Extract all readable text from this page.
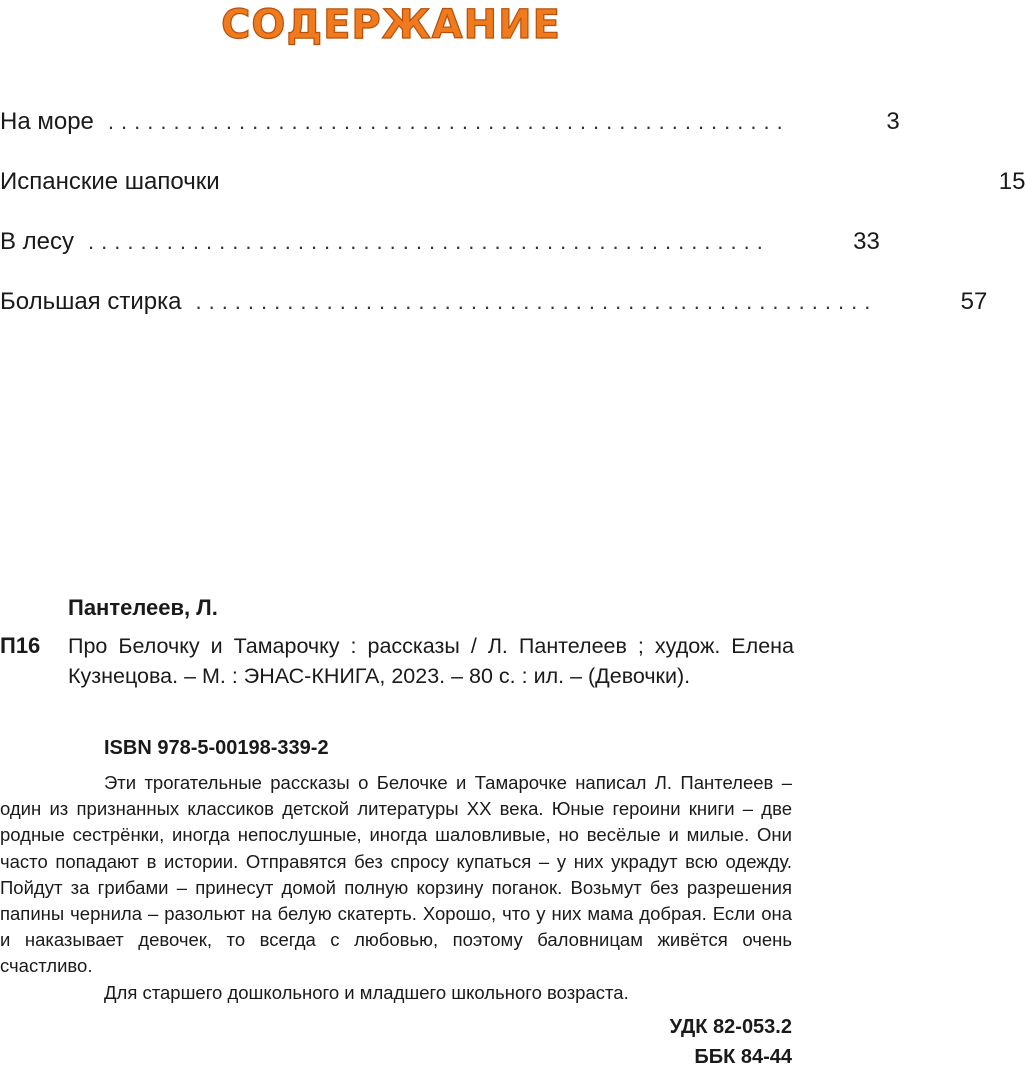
СОДЕРЖАНИЕ
На море ....................................................	3
Испанские шапочки	15
В лесу ....................................................	33
Большая стирка ....................................................	57
Пантелеев, Л.
П16 Про Белочку и Тамарочку : рассказы / Л. Пантелеев ; худож. Елена Кузнецова. – М. : ЭНАС-КНИГА, 2023. – 80 с. : ил. – (Девочки).
ISBN 978-5-00198-339-2

Эти трогательные рассказы о Белочке и Тамарочке написал Л. Пантелеев – один из признанных классиков детской литературы XX века. Юные героини книги – две родные сестрёнки, иногда непослушные, иногда шаловливые, но весёлые и милые. Они часто попадают в истории. Отправятся без спросу купаться – у них украдут всю одежду. Пойдут за грибами – принесут домой полную корзину поганок. Возьмут без разрешения папины чернила – разольют на белую скатерть. Хорошо, что у них мама добрая. Если она и наказывает девочек, то всегда с любовью, поэтому баловницам живётся очень счастливо.

Для старшего дошкольного и младшего школьного возраста.

УДК 82-053.2
ББК 84-44
